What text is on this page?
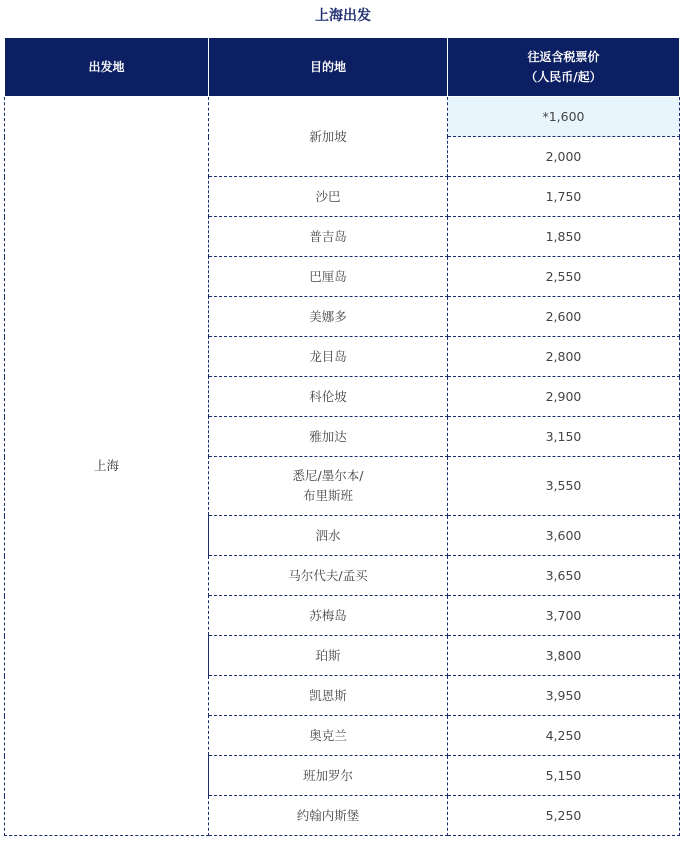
上海出发
出发地	目的地	往返含税票价
（人民币/起）

上海	新加坡	*1,600
		2,000
	沙巴	1,750
	普吉岛	1,850
	巴厘岛	2,550
	美娜多	2,600
	龙目岛	2,800
	科伦坡	2,900
	雅加达	3,150

	悉尼/墨尔本/
布里斯班	3,550
	泗水	3,600
	马尔代夫/孟买	3,650
	苏梅岛	3,700
	珀斯	3,800
	凯恩斯	3,950
	奥克兰	4,250
	班加罗尔	5,150
	约翰内斯堡	5,250
